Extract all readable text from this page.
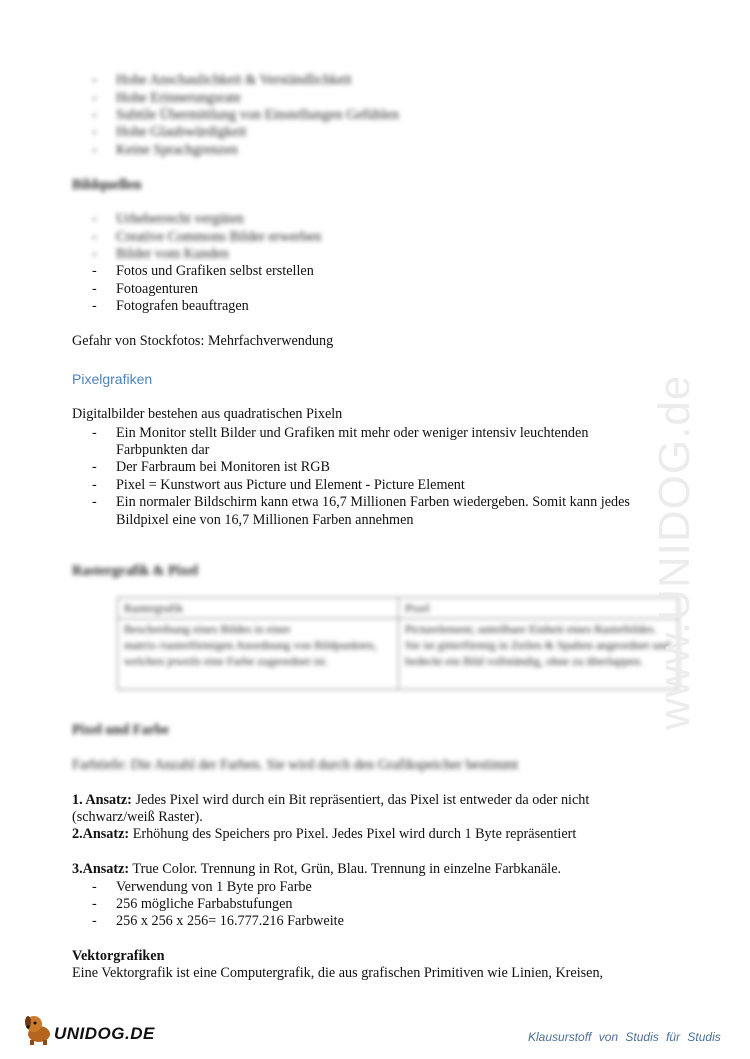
-	Hohe Anschaulichkeit & Verständlichkeit
-	Hohe Erinnerungsrate
-	Subtile Übermittlung von Einstellungen Gefühlen
-	Hohe Glaubwürdigkeit
-	Keine Sprachgrenzen
Bildquellen
-	Urheberrecht vergüten
-	Creative Commons Bilder erwerben
-	Bilder vom Kunden
-	Fotos und Grafiken selbst erstellen
-	Fotoagenturen
-	Fotografen beauftragen
Gefahr von Stockfotos: Mehrfachverwendung
Pixelgrafiken
Digitalbilder bestehen aus quadratischen Pixeln
-	Ein Monitor stellt Bilder und Grafiken mit mehr oder weniger intensiv leuchtenden
Farbpunkten dar
-	Der Farbraum bei Monitoren ist RGB
-	Pixel = Kunstwort aus Picture und Element - Picture Element
-	Ein normaler Bildschirm kann etwa 16,7 Millionen Farben wiedergeben. Somit kann jedes
Bildpixel eine von 16,7 Millionen Farben annehmen
Rastergrafik & Pixel
Rastergrafik	Pixel
Beschreibung eines Bildes in einer matrix-/rasterförmigen Anordnung von Bildpunkten, welchen jeweils eine Farbe zugeordnet ist.	Picturelement; unteilbare Einheit eines Rasterbildes. Sie ist gitterförmig in Zeilen & Spalten angeordnet und bedeckt ein Bild vollständig, ohne zu überlappen.
Pixel und Farbe
Farbtiefe: Die Anzahl der Farben. Sie wird durch den Grafikspeicher bestimmt
1. Ansatz: Jedes Pixel wird durch ein Bit repräsentiert, das Pixel ist entweder da oder nicht
(schwarz/weiß Raster).
2.Ansatz: Erhöhung des Speichers pro Pixel. Jedes Pixel wird durch 1 Byte repräsentiert
3.Ansatz: True Color. Trennung in Rot, Grün, Blau. Trennung in einzelne Farbkanäle.
-	Verwendung von 1 Byte pro Farbe
-	256 mögliche Farbabstufungen
-	256 x 256 x 256= 16.777.216 Farbweite
Vektorgrafiken
Eine Vektorgrafik ist eine Computergrafik, die aus grafischen Primitiven wie Linien, Kreisen,
www.UNIDOG.de
UNIDOG.DE	Klausurstoff von Studis für Studis
